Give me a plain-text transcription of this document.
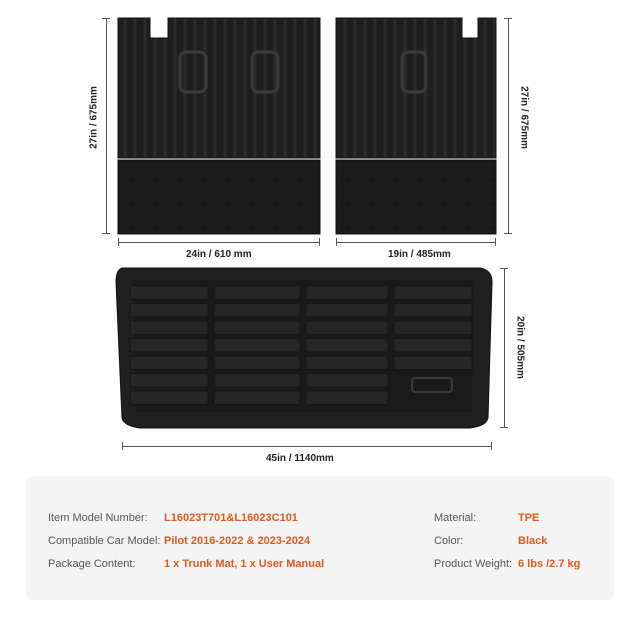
27in / 675mm	27in / 675mm
24in / 610 mm	19in / 485mm
20in / 505mm
45in / 1140mm
Item Model Number: L16023T701&L16023C101
Compatible Car Model: Pilot 2016-2022 & 2023-2024
Package Content:	1 x Trunk Mat, 1 x User Manual
Material:	TPE
Color:	Black
Product Weight: 6 lbs /2.7 kg
